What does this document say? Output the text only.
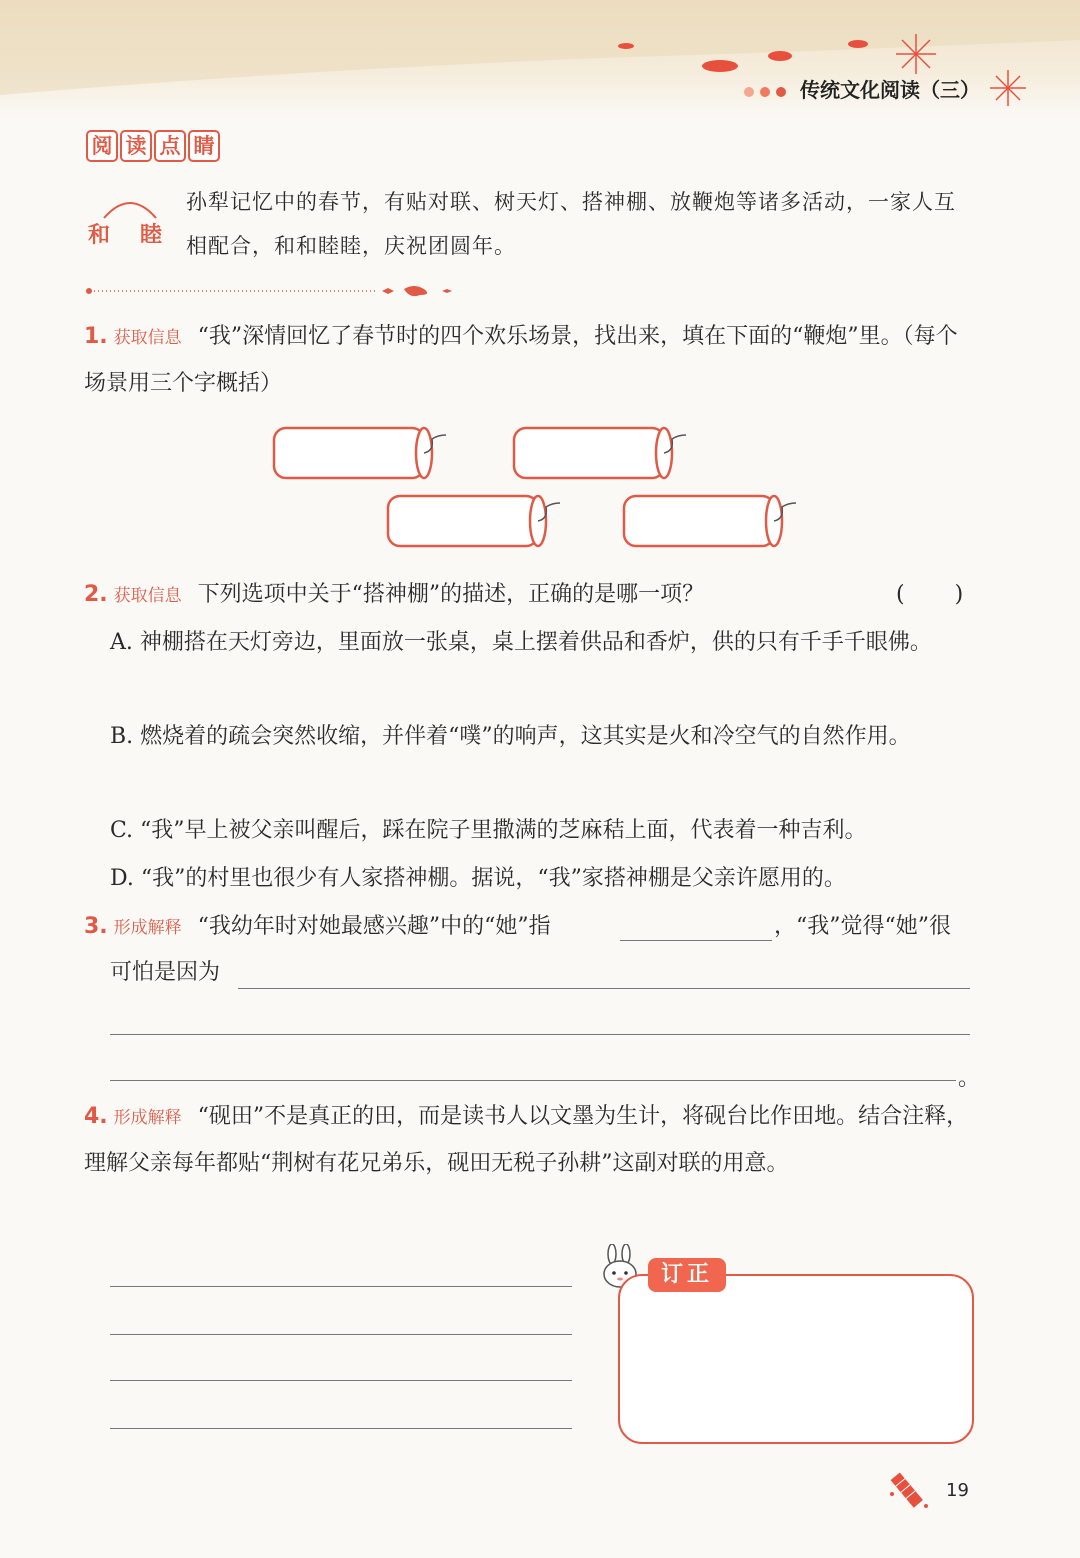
传统文化阅读（三）
阅 读 点 睛
和睦
孙犁记忆中的春节，有贴对联、树天灯、搭神棚、放鞭炮等诸多活动，一家人互相配合，和和睦睦，庆祝团圆年。
1. 获取信息 “我”深情回忆了春节时的四个欢乐场景，找出来，填在下面的“鞭炮”里。（每个场景用三个字概括）
2. 获取信息 下列选项中关于“搭神棚”的描述，正确的是哪一项？	(　　)
A. 神棚搭在天灯旁边，里面放一张桌，桌上摆着供品和香炉，供的只有千手千眼佛。
B. 燃烧着的疏会突然收缩，并伴着“噗”的响声，这其实是火和冷空气的自然作用。
C. “我”早上被父亲叫醒后，踩在院子里撒满的芝麻秸上面，代表着一种吉利。
D. “我”的村里也很少有人家搭神棚。据说，“我”家搭神棚是父亲许愿用的。
3. 形成解释 “我幼年时对她最感兴趣”中的“她”指	，“我”觉得“她”很
可怕是因为
。
4. 形成解释 “砚田”不是真正的田，而是读书人以文墨为生计，将砚台比作田地。结合注释，理解父亲每年都贴“荆树有花兄弟乐，砚田无税子孙耕”这副对联的用意。
订正
19
